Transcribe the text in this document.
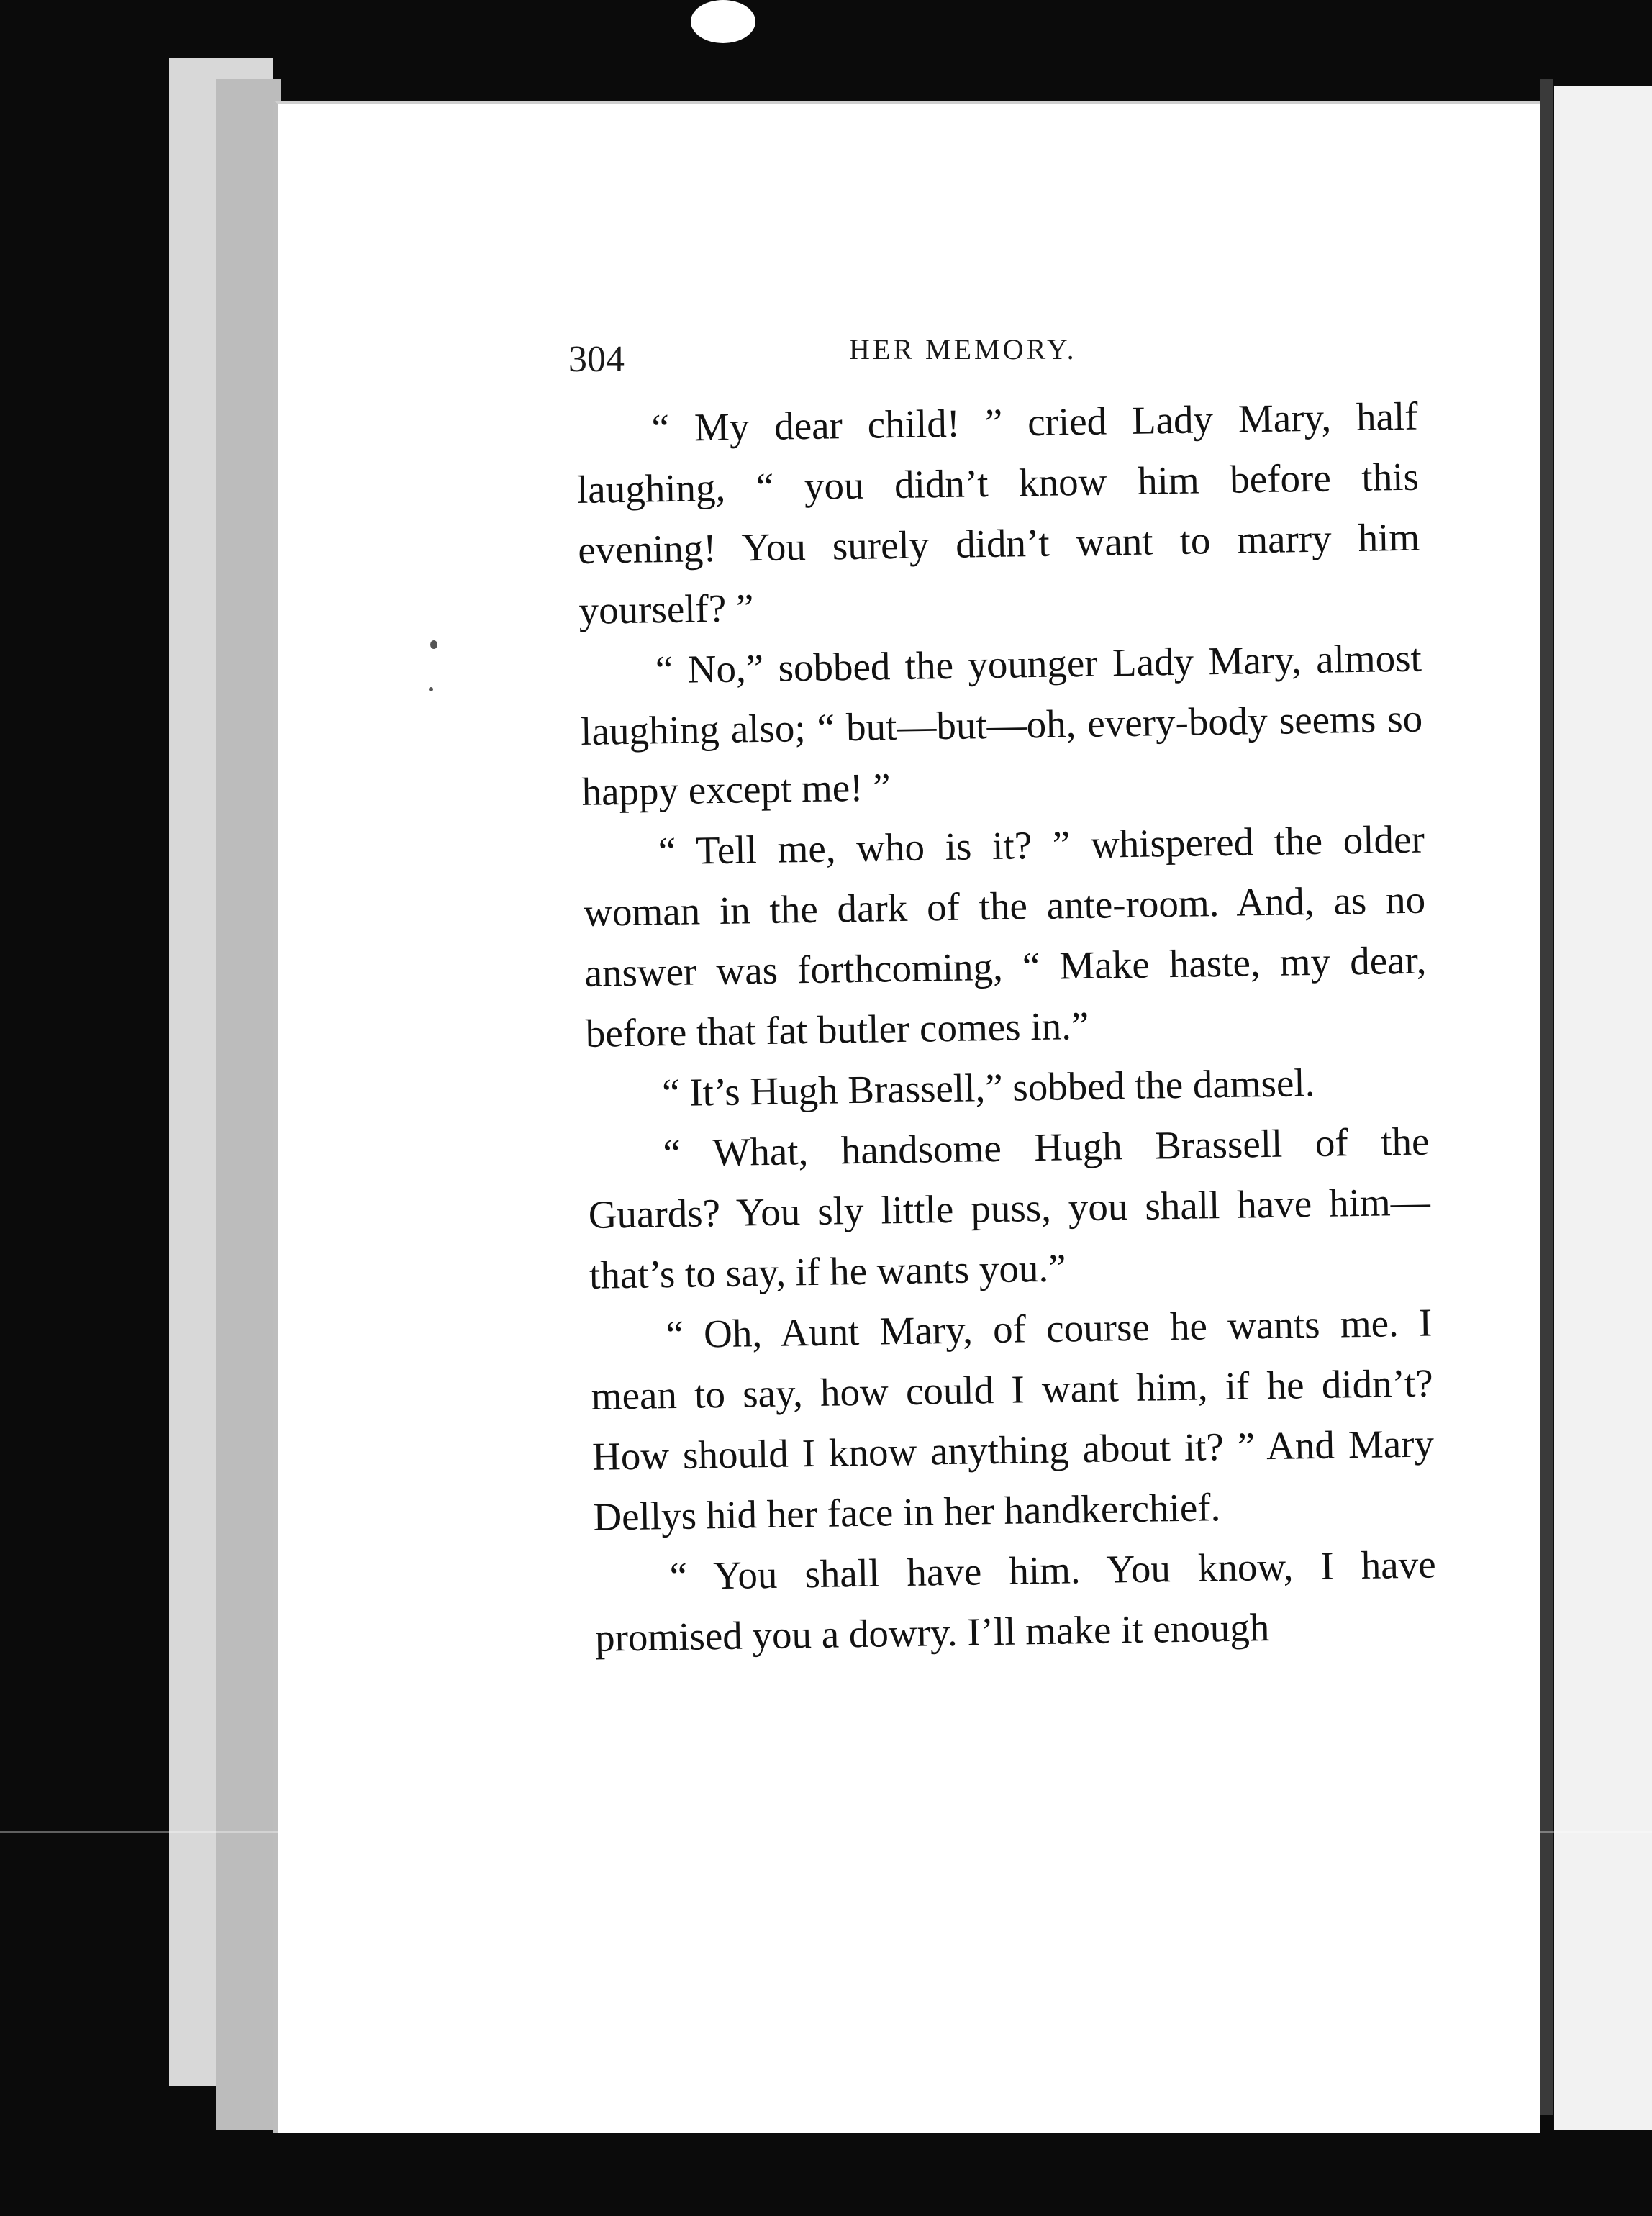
304	HER MEMORY.

“ My dear child! ” cried Lady Mary, half laughing, “ you didn’t know him before this evening! You surely didn’t want to marry him yourself? ”

“ No,” sobbed the younger Lady Mary, almost laughing also; “ but—but—oh, every-body seems so happy except me! ”

“ Tell me, who is it? ” whispered the older woman in the dark of the ante-room. And, as no answer was forthcoming, “ Make haste, my dear, before that fat butler comes in.”

“ It’s Hugh Brassell,” sobbed the damsel.

“ What, handsome Hugh Brassell of the Guards? You sly little puss, you shall have him—that’s to say, if he wants you.”

“ Oh, Aunt Mary, of course he wants me. I mean to say, how could I want him, if he didn’t? How should I know anything about it? ” And Mary Dellys hid her face in her handkerchief.

“ You shall have him. You know, I have promised you a dowry. I’ll make it enough
